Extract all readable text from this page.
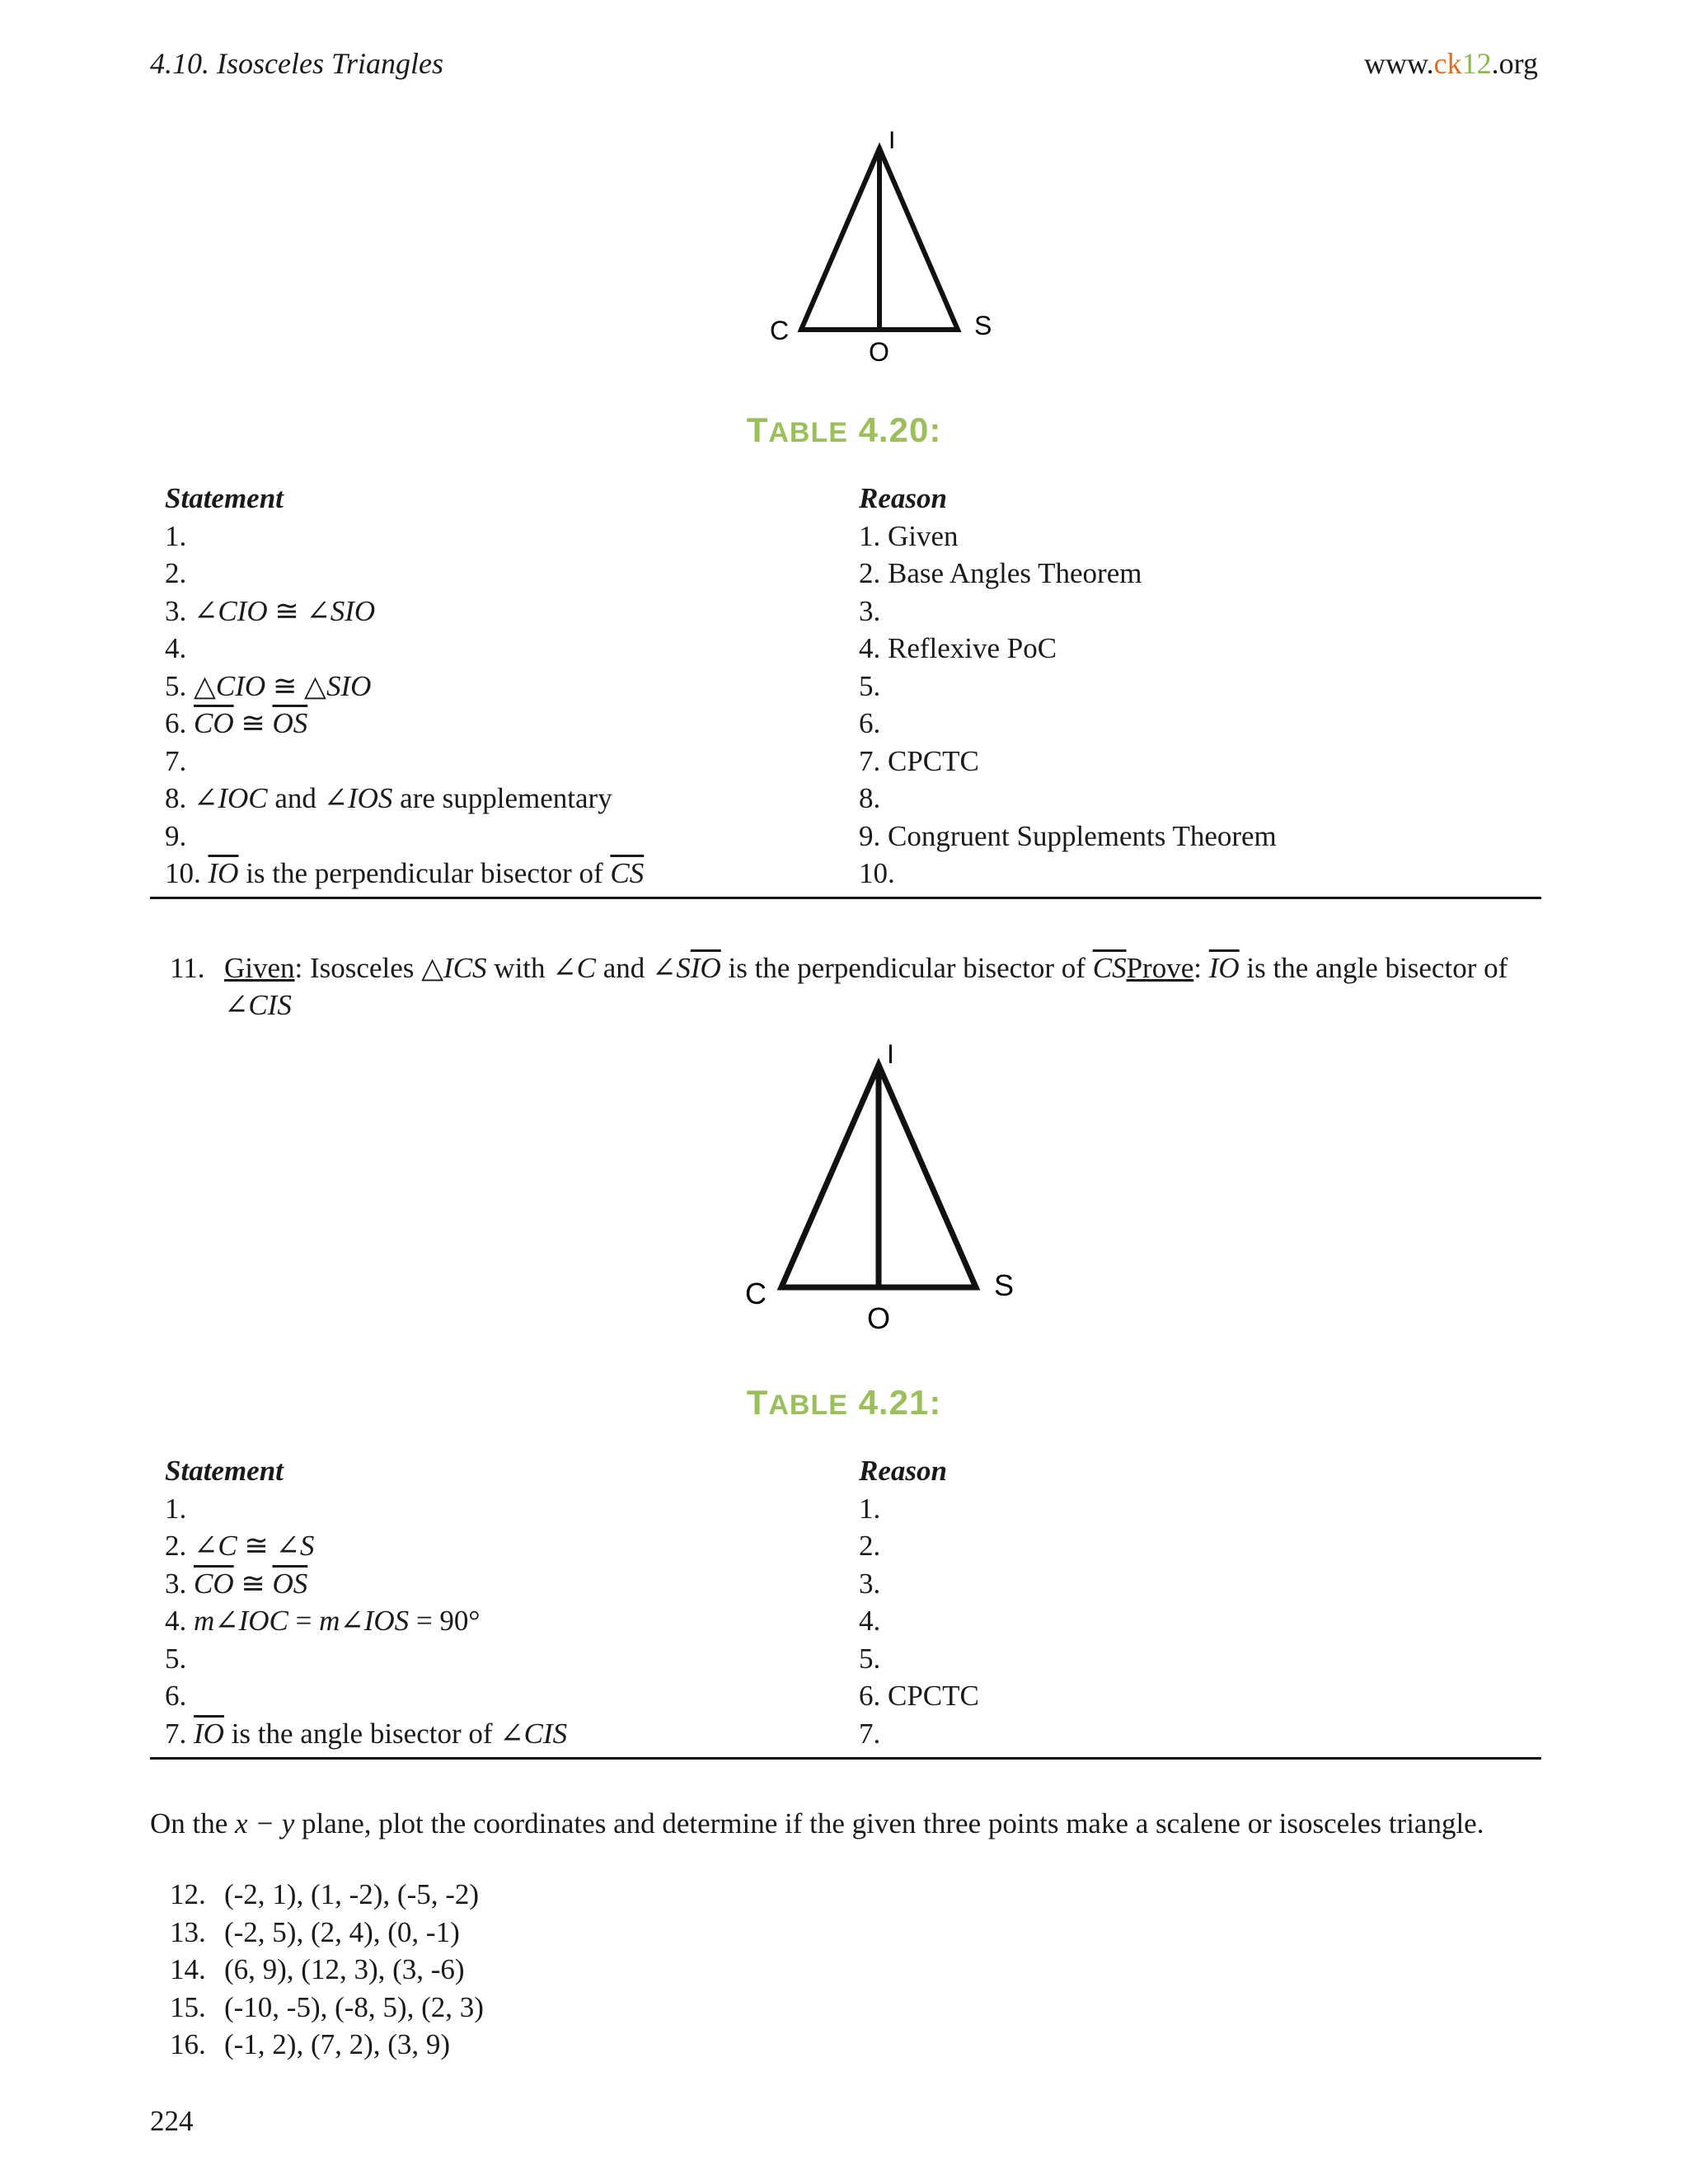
4.10. Isosceles Triangles	www.ck12.org
I
C	S
O
TABLE 4.20:
Statement	Reason
1.	1. Given
2.	2. Base Angles Theorem
3. ∠CIO ≅ ∠SIO	3.
4.	4. Reflexive PoC
5. △CIO ≅ △SIO	5.
6. $\overline{CO}$ ≅ $\overline{OS}$	6.
7.	7. CPCTC
8. ∠IOC and ∠IOS are supplementary	8.
9.	9. Congruent Supplements Theorem
10. $\overline{IO}$ is the perpendicular bisector of $\overline{CS}$	10.
11. Given: Isosceles △ICS with ∠C and $\angle S\overline{IO}$ is the perpendicular bisector of $\overline{CS}Prove$: $\overline{IO}$ is the angle bisector of ∠CIS
I
C	S
O
TABLE 4.21:
Statement	Reason
1.	1.
2. ∠C ≅ ∠S	2.
3. $\overline{CO}$ ≅ $\overline{OS}$	3.
4. m∠IOC = m∠IOS = 90°	4.
5.	5.
6.	6. CPCTC
7. $\overline{IO}$ is the angle bisector of ∠CIS	7.
On the x − y plane, plot the coordinates and determine if the given three points make a scalene or isosceles triangle.
12. (-2, 1), (1, -2), (-5, -2)
13. (-2, 5), (2, 4), (0, -1)
14. (6, 9), (12, 3), (3, -6)
15. (-10, -5), (-8, 5), (2, 3)
16. (-1, 2), (7, 2), (3, 9)
224
